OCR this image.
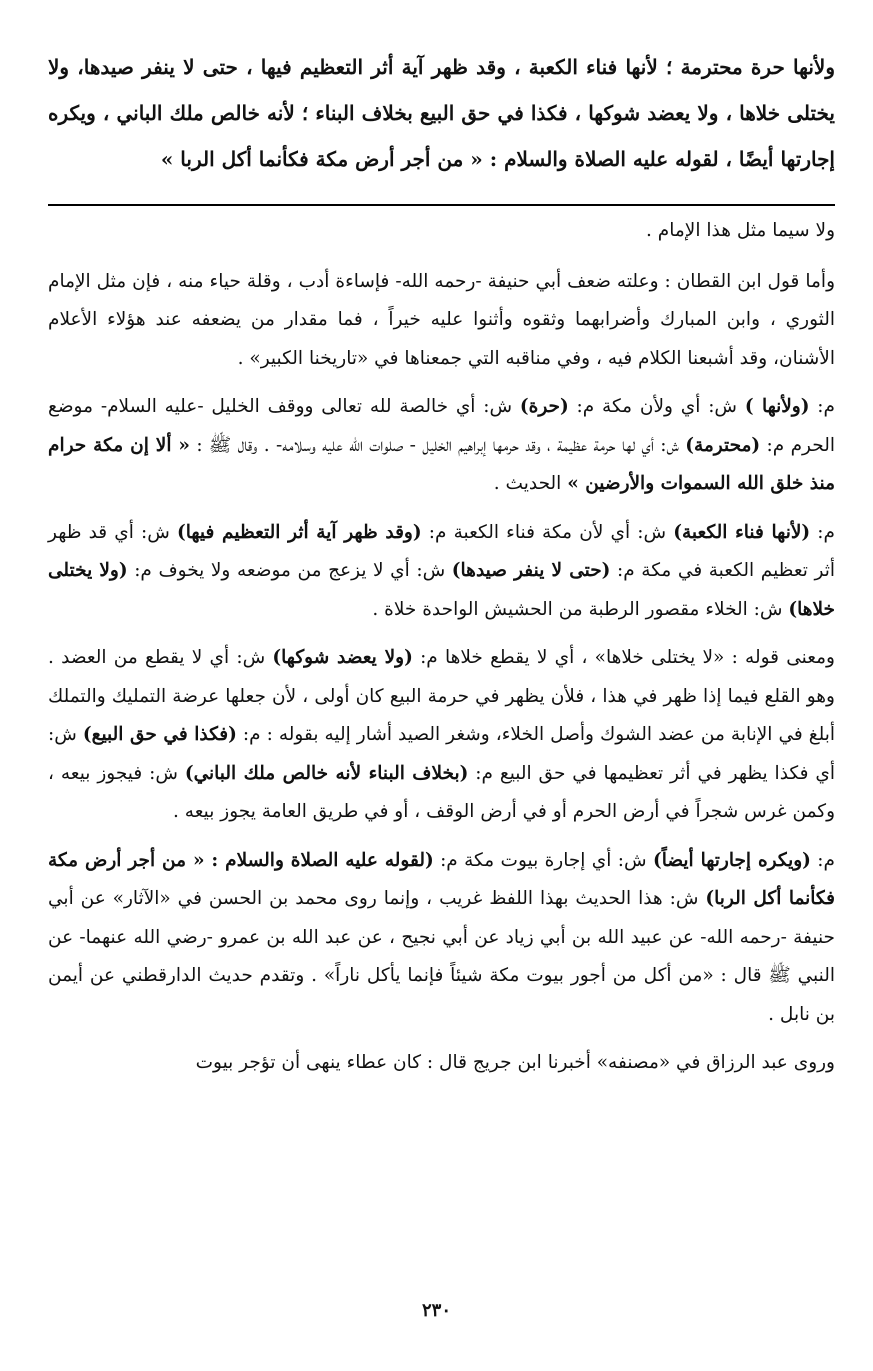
ولأنها حرة محترمة ؛ لأنها فناء الكعبة ، وقد ظهر آية أثر التعظيم فيها ، حتى لا ينفر صيدها، ولا يختلى خلاها ، ولا يعضد شوكها ، فكذا في حق البيع بخلاف البناء ؛ لأنه خالص ملك الباني ، ويكره إجارتها أيضًا ، لقوله عليه الصلاة والسلام : « من أجر أرض مكة فكأنما أكل الربا »

ولا سيما مثل هذا الإمام .

وأما قول ابن القطان : وعلته ضعف أبي حنيفة -رحمه الله- فإساءة أدب ، وقلة حياء منه ، فإن مثل الإمام الثوري ، وابن المبارك وأضرابهما وثقوه وأثنوا عليه خيراً ، فما مقدار من يضعفه عند هؤلاء الأعلام الأشنان، وقد أشبعنا الكلام فيه ، وفي مناقبه التي جمعناها في «تاريخنا الكبير» .

م: (ولأنها ) ش: أي ولأن مكة م: (حرة) ش: أي خالصة لله تعالى ووقف الخليل -عليه السلام- موضع الحرم م: (محترمة) ش: أي لها حرمة عظيمة ، وقد حرمها إبراهيم الخليل - صلوات الله عليه وسلامه- . وقال ﷺ : « ألا إن مكة حرام منذ خلق الله السموات والأرضين » الحديث .

م: (لأنها فناء الكعبة) ش: أي لأن مكة فناء الكعبة م: (وقد ظهر آية أثر التعظيم فيها) ش: أي قد ظهر أثر تعظيم الكعبة في مكة م: (حتى لا ينفر صيدها) ش: أي لا يزعج من موضعه ولا يخوف م: (ولا يختلى خلاها) ش: الخلاء مقصور الرطبة من الحشيش الواحدة خلاة .

ومعنى قوله : «لا يختلى خلاها» ، أي لا يقطع خلاها م: (ولا يعضد شوكها) ش: أي لا يقطع من العضد . وهو القلع فيما إذا ظهر في هذا ، فلأن يظهر في حرمة البيع كان أولى ، لأن جعلها عرضة التمليك والتملك أبلغ في الإنابة من عضد الشوك وأصل الخلاء، وشغر الصيد أشار إليه بقوله : م: (فكذا في حق البيع) ش: أي فكذا يظهر في أثر تعظيمها في حق البيع م: (بخلاف البناء لأنه خالص ملك الباني) ش: فيجوز بيعه ، وكمن غرس شجراً في أرض الحرم أو في أرض الوقف ، أو في طريق العامة يجوز بيعه .

م: (ويكره إجارتها أيضاً) ش: أي إجارة بيوت مكة م: (لقوله عليه الصلاة والسلام : « من أجر أرض مكة فكأنما أكل الربا) ش: هذا الحديث بهذا اللفظ غريب ، وإنما روى محمد بن الحسن في «الآثار» عن أبي حنيفة -رحمه الله- عن عبيد الله بن أبي زياد عن أبي نجيح ، عن عبد الله بن عمرو -رضي الله عنهما- عن النبي ﷺ قال : «من أكل من أجور بيوت مكة شيئاً فإنما يأكل ناراً» . وتقدم حديث الدارقطني عن أيمن بن نابل .

وروى عبد الرزاق في «مصنفه» أخبرنا ابن جريج قال : كان عطاء ينهى أن تؤجر بيوت

٢٣٠
